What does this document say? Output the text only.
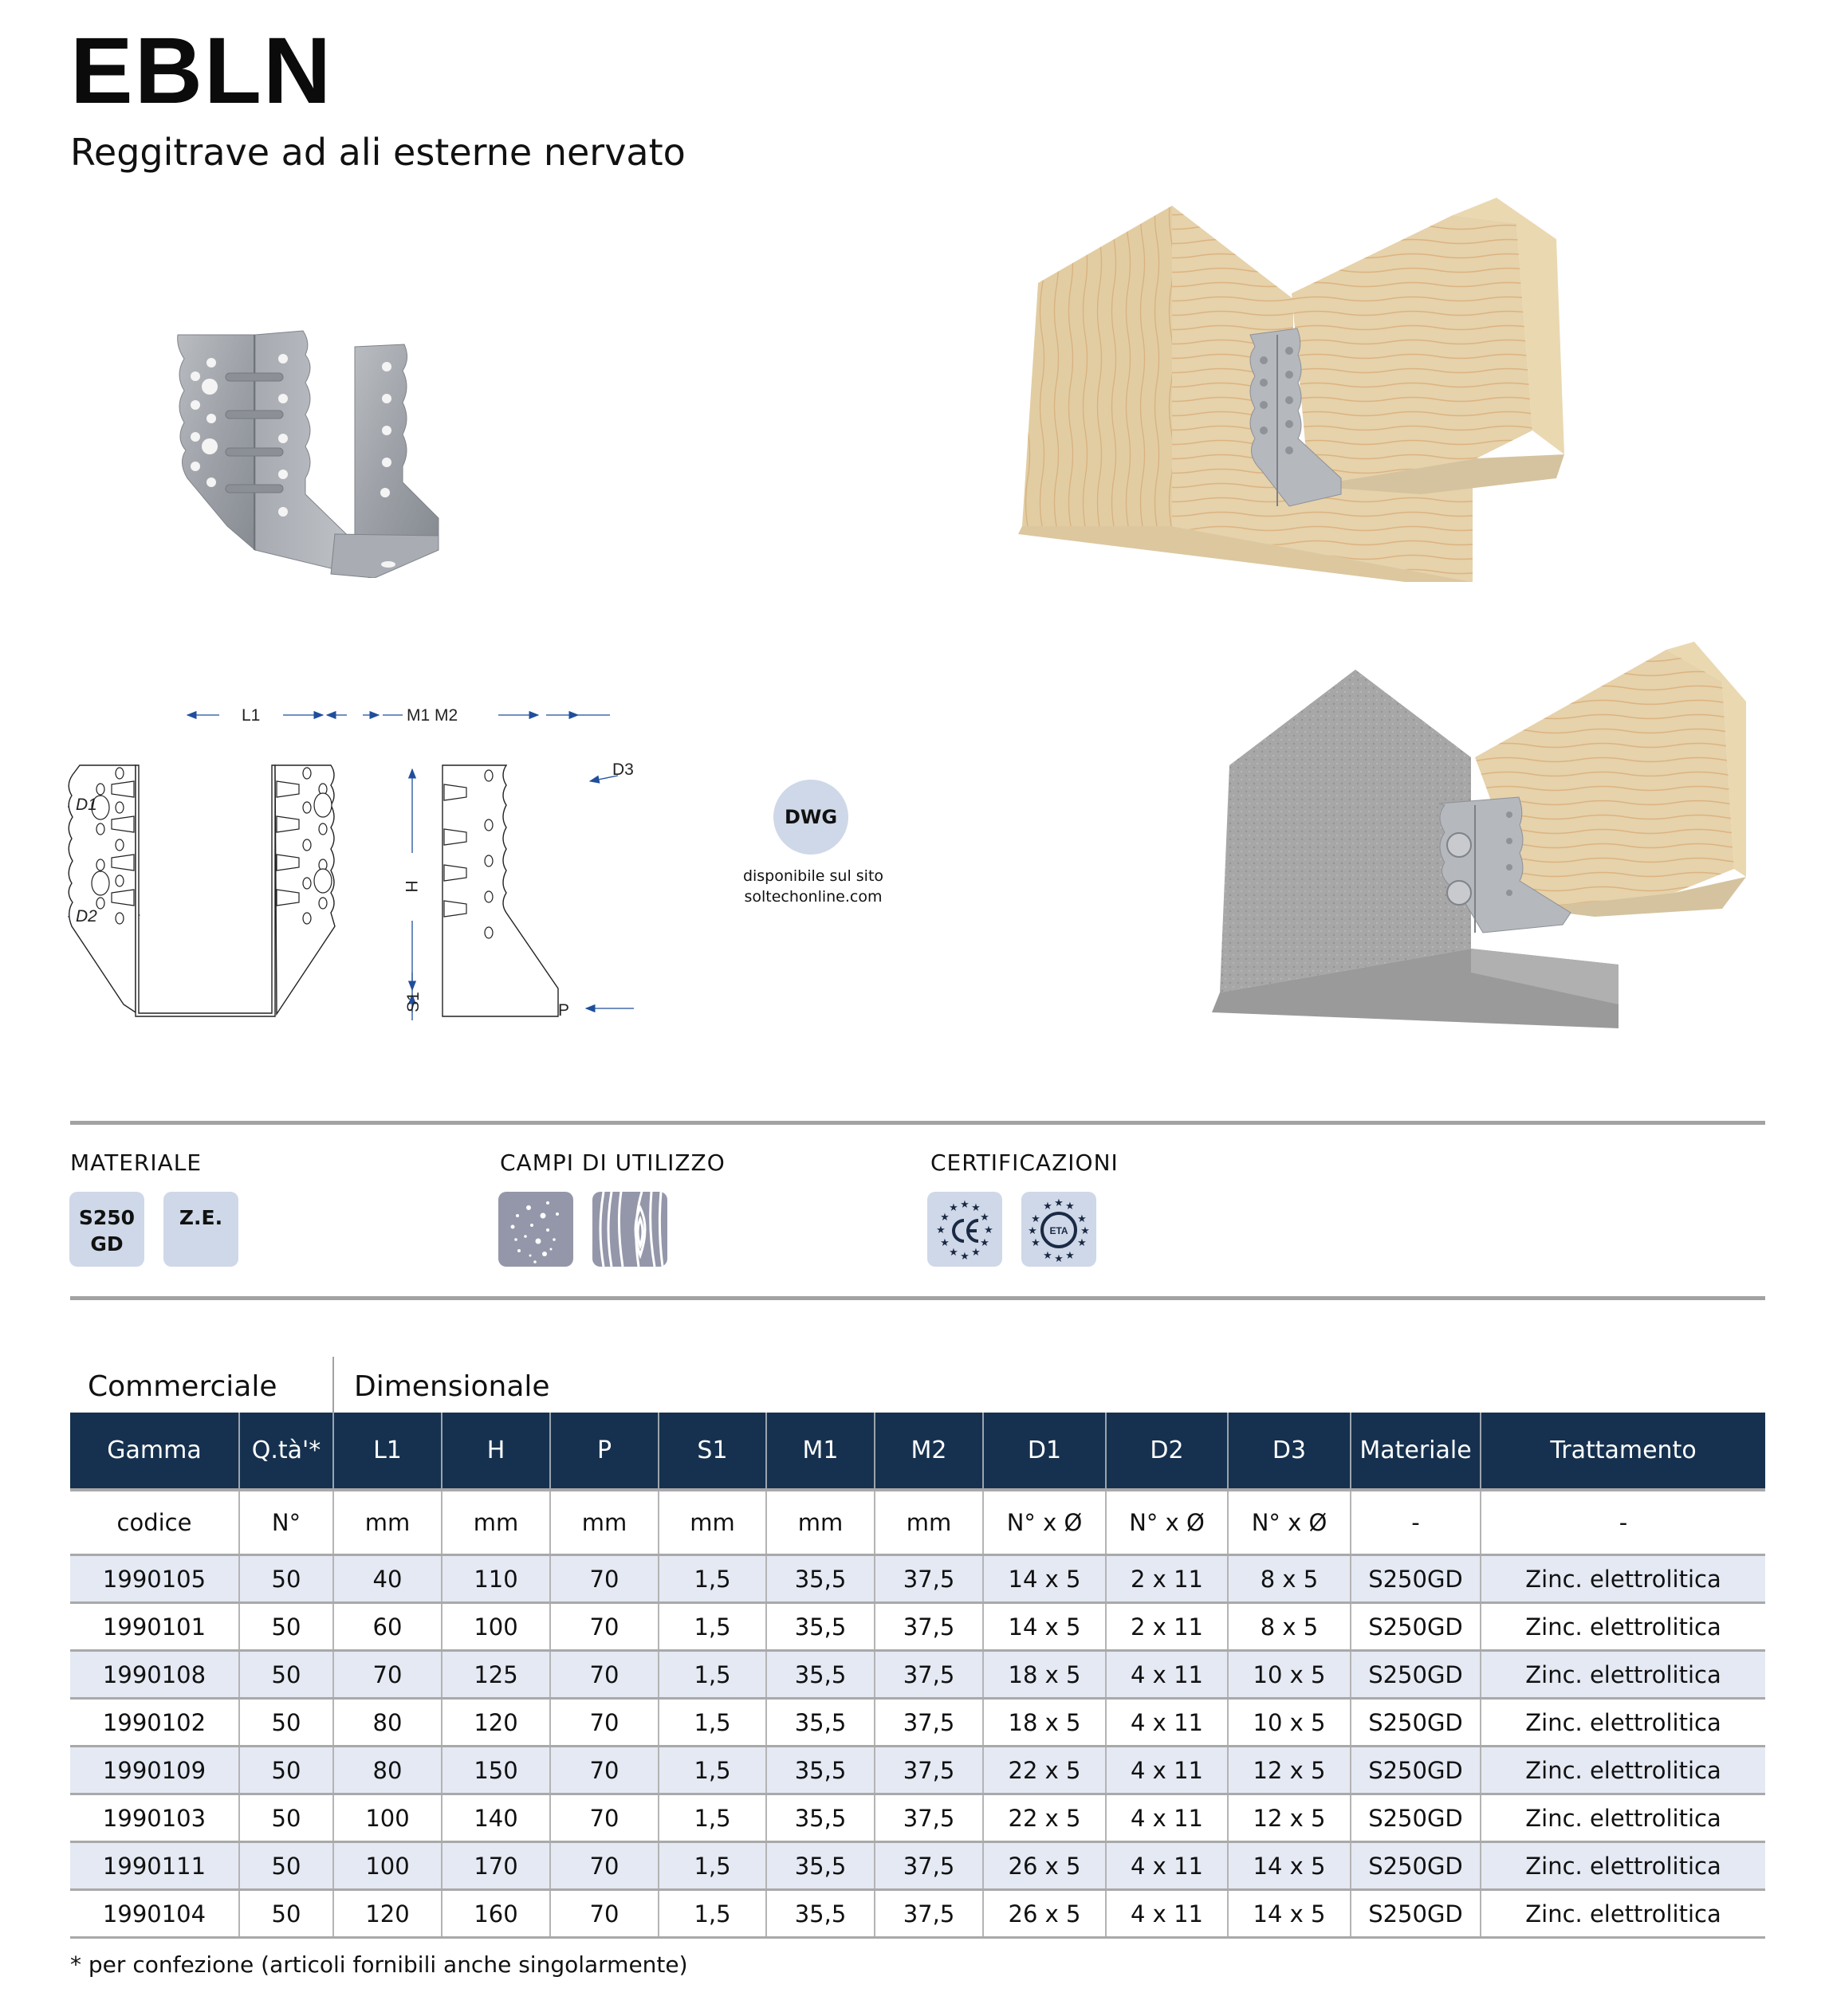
EBLN
Reggitrave ad ali esterne nervato
L1	M1 M2
P
D3
D1
D2
H
S1
DWG
disponibile sul sito
soltechonline.com
MATERIALE
S250
GD
Z.E.
CAMPI DI UTILIZZO	CERTIFICAZIONI
★
★ ★
★	★
★	★
★	★
★ ★
★
★
★ ★
★	★
★	★
★	★
★ ★
★
ETA
Commerciale	Dimensionale
Gamma	Q.tà'*	L1	H	P	S1	M1	M2	D1	D2	D3	Materiale	Trattamento
codice	N°	mm	mm	mm	mm	mm	mm	N° x Ø	N° x Ø	N° x Ø	-	-
1990105	50	40	110	70	1,5	35,5	37,5	14 x 5	2 x 11	8 x 5	S250GD	Zinc. elettrolitica
1990101	50	60	100	70	1,5	35,5	37,5	14 x 5	2 x 11	8 x 5	S250GD	Zinc. elettrolitica
1990108	50	70	125	70	1,5	35,5	37,5	18 x 5	4 x 11	10 x 5	S250GD	Zinc. elettrolitica
1990102	50	80	120	70	1,5	35,5	37,5	18 x 5	4 x 11	10 x 5	S250GD	Zinc. elettrolitica
1990109	50	80	150	70	1,5	35,5	37,5	22 x 5	4 x 11	12 x 5	S250GD	Zinc. elettrolitica
1990103	50	100	140	70	1,5	35,5	37,5	22 x 5	4 x 11	12 x 5	S250GD	Zinc. elettrolitica
1990111	50	100	170	70	1,5	35,5	37,5	26 x 5	4 x 11	14 x 5	S250GD	Zinc. elettrolitica
1990104	50	120	160	70	1,5	35,5	37,5	26 x 5	4 x 11	14 x 5	S250GD	Zinc. elettrolitica
* per confezione (articoli fornibili anche singolarmente)
